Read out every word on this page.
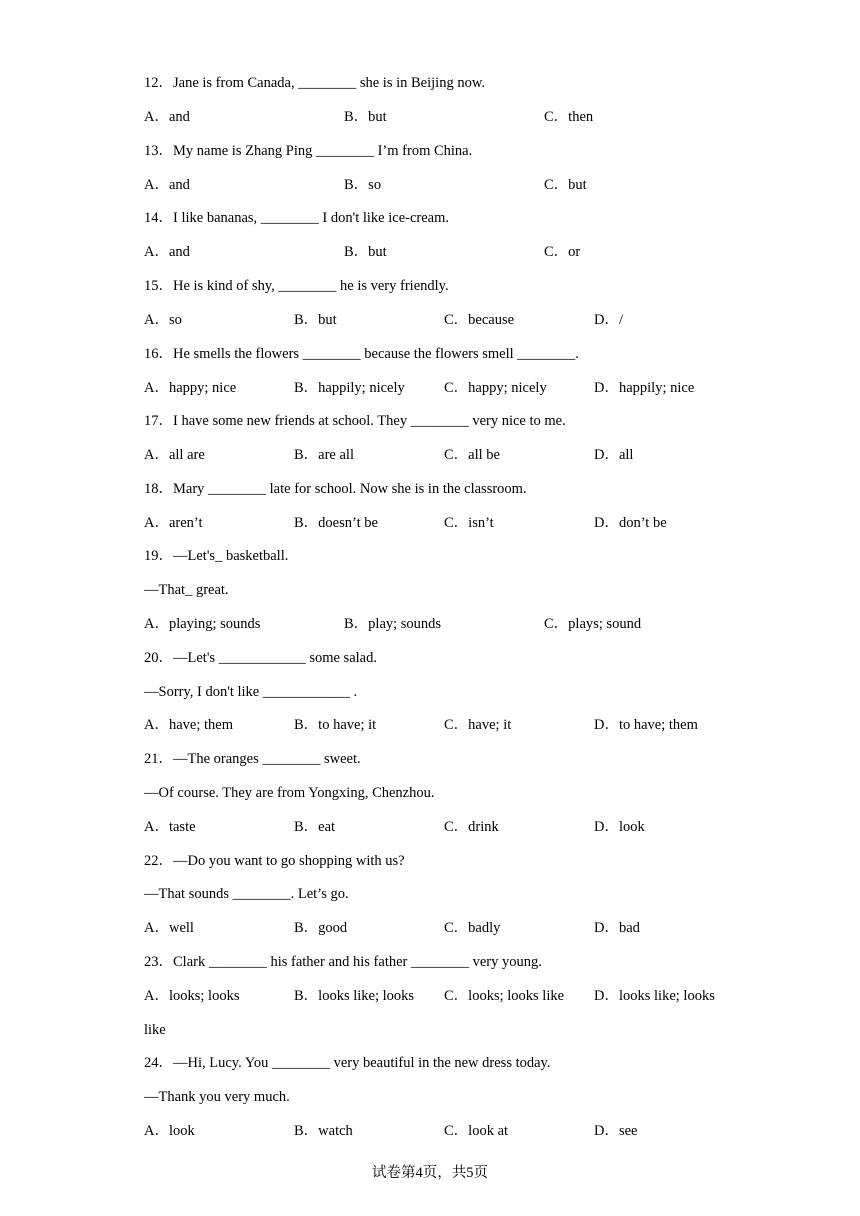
12．Jane is from Canada, ________ she is in Beijing now.
A．and	B．but	C．then
13．My name is Zhang Ping ________ I’m from China.
A．and	B．so	C．but
14．I like bananas, ________ I don't like ice-cream.
A．and	B．but	C．or
15．He is kind of shy, ________ he is very friendly.
A．so	B．but	C．because	D．/
16．He smells the flowers ________ because the flowers smell ________.
A．happy; nice	B．happily; nicely	C．happy; nicely	D．happily; nice
17．I have some new friends at school. They ________ very nice to me.
A．all are	B．are all	C．all be	D．all
18．Mary ________ late for school. Now she is in the classroom.
A．aren’t	B．doesn’t be	C．isn’t	D．don’t be
19．—Let's_ basketball.
—That_ great.
A．playing; sounds	B．play; sounds	C．plays; sound
20．—Let's ____________ some salad.
—Sorry, I don't like ____________ .
A．have; them	B．to have; it	C．have; it	D．to have; them
21．—The oranges ________ sweet.
—Of course. They are from Yongxing, Chenzhou.
A．taste	B．eat	C．drink	D．look
22．—Do you want to go shopping with us?
—That sounds ________. Let’s go.
A．well	B．good	C．badly	D．bad
23．Clark ________ his father and his father ________ very young.
A．looks; looks	B．looks like; looks C．looks; looks like D．looks like; looks
like
24．—Hi, Lucy. You ________ very beautiful in the new dress today.
—Thank you very much.
A．look	B．watch	C．look at	D．see
试卷第4页，共5页
